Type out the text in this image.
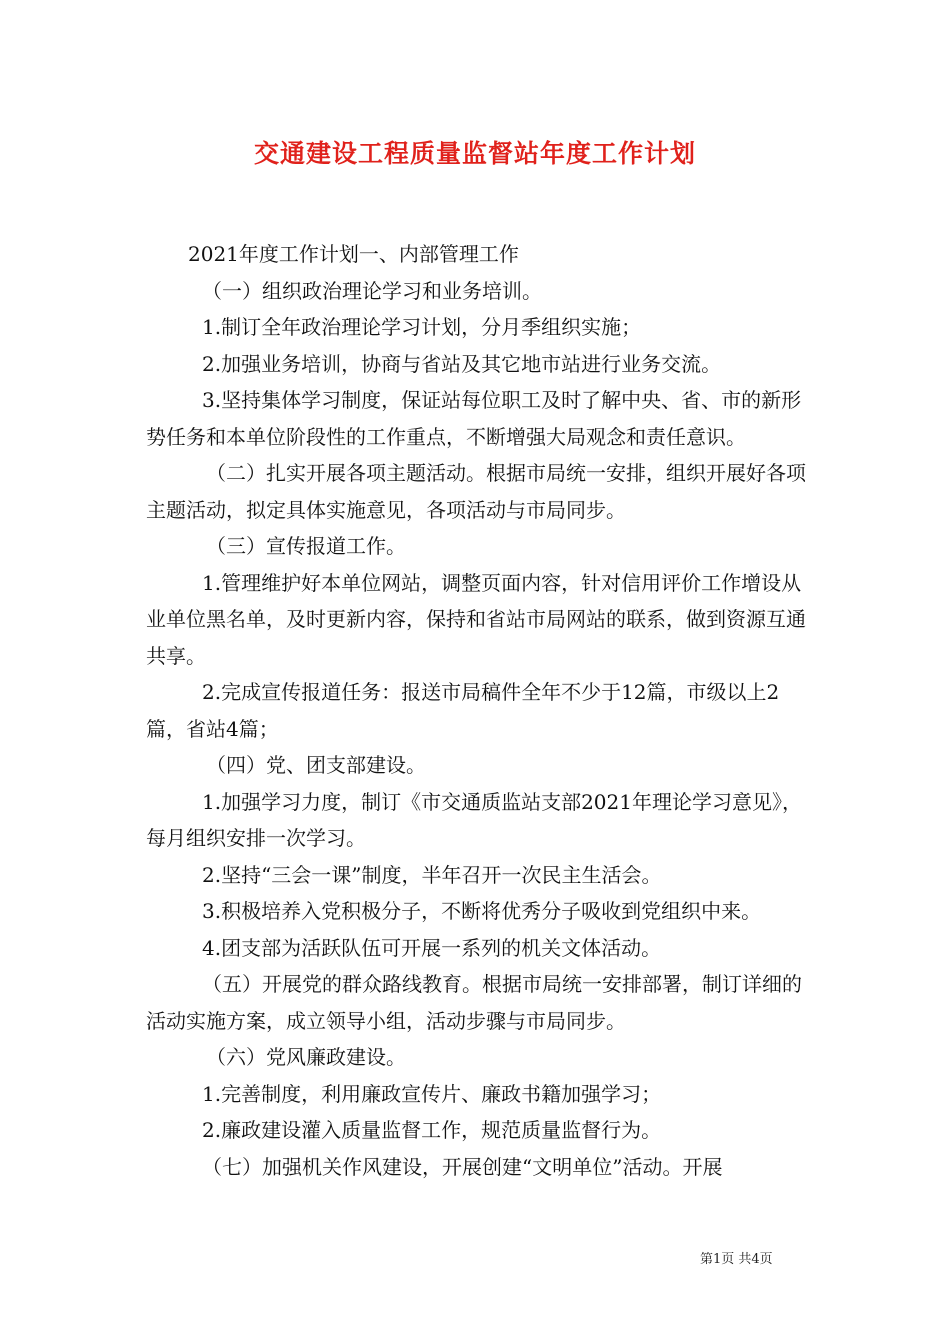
交通建设工程质量监督站年度工作计划

2021年度工作计划一、内部管理工作

（一）组织政治理论学习和业务培训。

1.制订全年政治理论学习计划，分月季组织实施；

2.加强业务培训，协商与省站及其它地市站进行业务交流。

3.坚持集体学习制度，保证站每位职工及时了解中央、省、市的新形势任务和本单位阶段性的工作重点，不断增强大局观念和责任意识。

（二）扎实开展各项主题活动。根据市局统一安排，组织开展好各项主题活动，拟定具体实施意见，各项活动与市局同步。

（三）宣传报道工作。

1.管理维护好本单位网站，调整页面内容，针对信用评价工作增设从业单位黑名单，及时更新内容，保持和省站市局网站的联系，做到资源互通共享。

2.完成宣传报道任务：报送市局稿件全年不少于12篇，市级以上2篇，省站4篇；

（四）党、团支部建设。

1.加强学习力度，制订《市交通质监站支部2021年理论学习意见》，每月组织安排一次学习。

2.坚持“三会一课”制度，半年召开一次民主生活会。

3.积极培养入党积极分子，不断将优秀分子吸收到党组织中来。

4.团支部为活跃队伍可开展一系列的机关文体活动。

（五）开展党的群众路线教育。根据市局统一安排部署，制订详细的活动实施方案，成立领导小组，活动步骤与市局同步。

（六）党风廉政建设。

1.完善制度，利用廉政宣传片、廉政书籍加强学习；

2.廉政建设灌入质量监督工作，规范质量监督行为。

（七）加强机关作风建设，开展创建“文明单位”活动。开展

第1页 共4页
